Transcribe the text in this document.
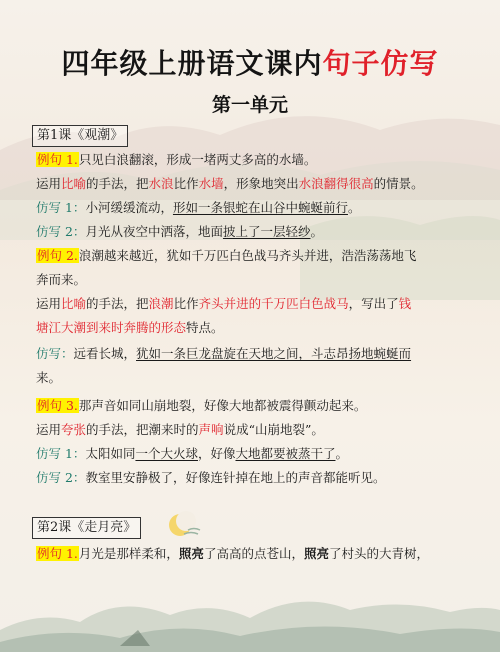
四年级上册语文课内句子仿写
第一单元
第1课《观潮》
例句 1.只见白浪翻滚，形成一堵两丈多高的水墙。
运用比喻的手法，把水浪比作水墙，形象地突出水浪翻得很高的情景。
仿写 1：小河缓缓流动，形如一条银蛇在山谷中蜿蜒前行。
仿写 2：月光从夜空中洒落，地面披上了一层轻纱。
例句 2.浪潮越来越近，犹如千万匹白色战马齐头并进，浩浩荡荡地飞
奔而来。
运用比喻的手法，把浪潮比作齐头并进的千万匹白色战马，写出了钱
塘江大潮到来时奔腾的形态特点。
仿写：远看长城，犹如一条巨龙盘旋在天地之间，斗志昂扬地蜿蜒而
来。
例句 3.那声音如同山崩地裂，好像大地都被震得颤动起来。
运用夸张的手法，把潮来时的声响说成“山崩地裂”。
仿写 1：太阳如同一个大火球，好像大地都要被蒸干了。
仿写 2：教室里安静极了，好像连针掉在地上的声音都能听见。
第2课《走月亮》
例句 1.月光是那样柔和，照亮了高高的点苍山，照亮了村头的大青树，
